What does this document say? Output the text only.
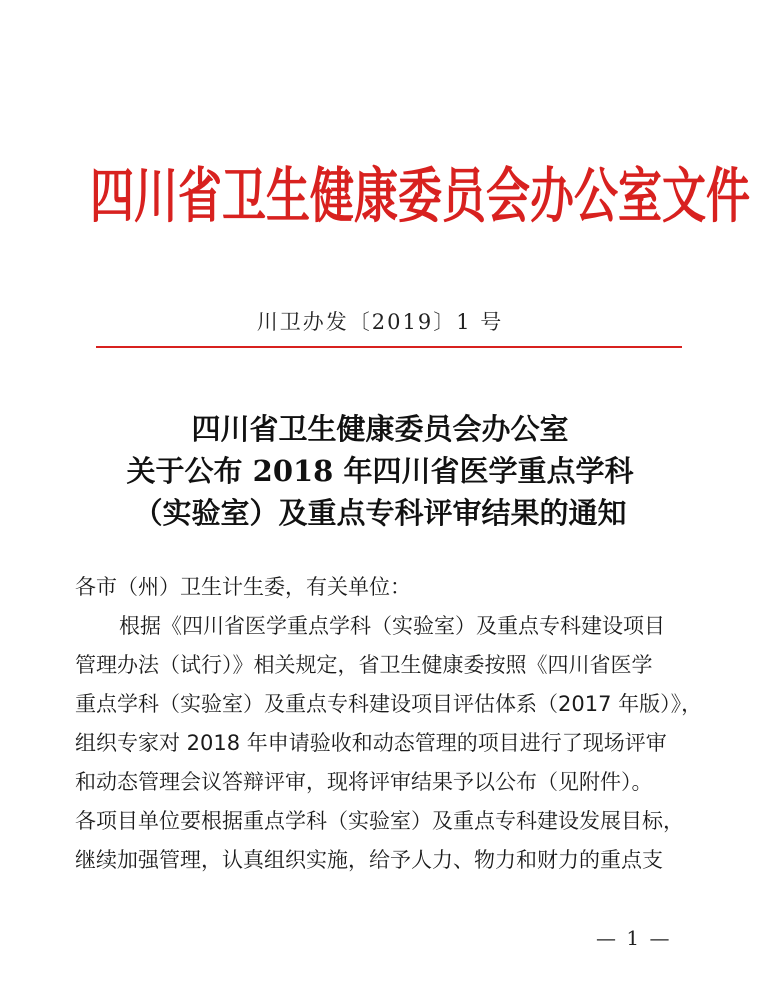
四川省卫生健康委员会办公室文件
川卫办发〔2019〕1 号
四川省卫生健康委员会办公室
关于公布 2018 年四川省医学重点学科
（实验室）及重点专科评审结果的通知
各市（州）卫生计生委，有关单位：
根据《四川省医学重点学科（实验室）及重点专科建设项目
管理办法（试行）》相关规定，省卫生健康委按照《四川省医学
重点学科（实验室）及重点专科建设项目评估体系（2017 年版）》，
组织专家对 2018 年申请验收和动态管理的项目进行了现场评审
和动态管理会议答辩评审，现将评审结果予以公布（见附件）。
各项目单位要根据重点学科（实验室）及重点专科建设发展目标，
继续加强管理，认真组织实施，给予人力、物力和财力的重点支
— 1 —
